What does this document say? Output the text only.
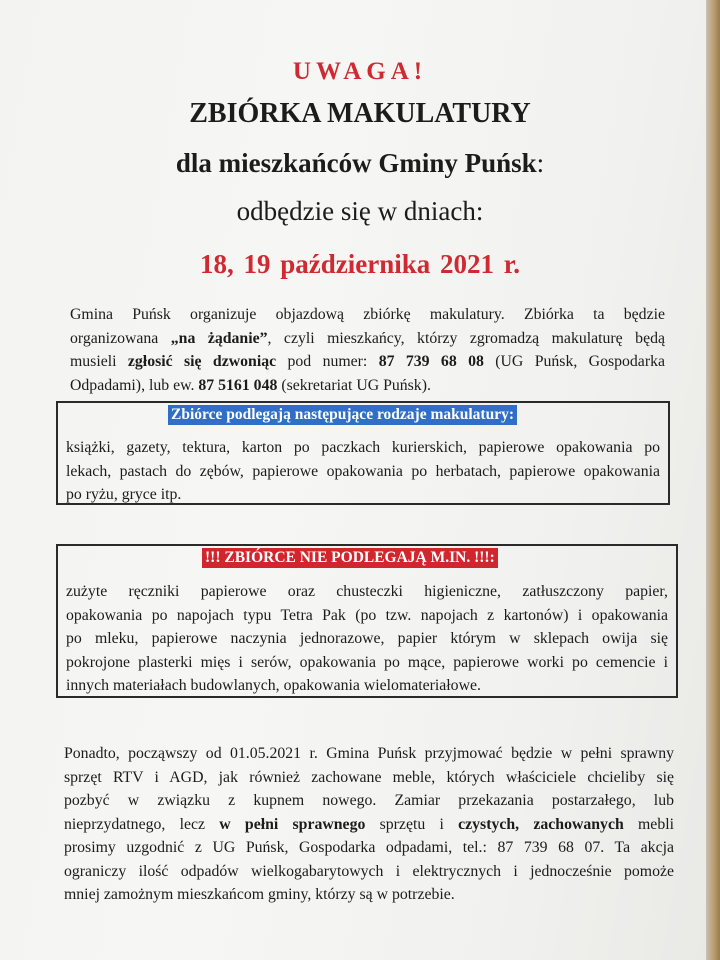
UWAGA!
ZBIÓRKA MAKULATURY
dla mieszkańców Gminy Puńsk:
odbędzie się w dniach:
18, 19 października 2021 r.
Gmina Puńsk organizuje objazdową zbiórkę makulatury. Zbiórka ta będzie
organizowana „na żądanie”, czyli mieszkańcy, którzy zgromadzą makulaturę będą
musieli zgłosić się dzwoniąc pod numer: 87 739 68 08 (UG Puńsk, Gospodarka
Odpadami), lub ew. 87 5161 048 (sekretariat UG Puńsk).
Zbiórce podlegają następujące rodzaje makulatury:
książki, gazety, tektura, karton po paczkach kurierskich, papierowe opakowania po
lekach, pastach do zębów, papierowe opakowania po herbatach, papierowe opakowania
po ryżu, gryce itp.
!!! ZBIÓRCE NIE PODLEGAJĄ M.IN. !!!:
zużyte ręczniki papierowe oraz chusteczki higieniczne, zatłuszczony papier,
opakowania po napojach typu Tetra Pak (po tzw. napojach z kartonów) i opakowania
po mleku, papierowe naczynia jednorazowe, papier którym w sklepach owija się
pokrojone plasterki mięs i serów, opakowania po mące, papierowe worki po cemencie i
innych materiałach budowlanych, opakowania wielomateriałowe.
Ponadto, począwszy od 01.05.2021 r. Gmina Puńsk przyjmować będzie w pełni sprawny
sprzęt RTV i AGD, jak również zachowane meble, których właściciele chcieliby się
pozbyć w związku z kupnem nowego. Zamiar przekazania postarzałego, lub
nieprzydatnego, lecz w pełni sprawnego sprzętu i czystych, zachowanych mebli
prosimy uzgodnić z UG Puńsk, Gospodarka odpadami, tel.: 87 739 68 07. Ta akcja
ograniczy ilość odpadów wielkogabarytowych i elektrycznych i jednocześnie pomoże
mniej zamożnym mieszkańcom gminy, którzy są w potrzebie.
